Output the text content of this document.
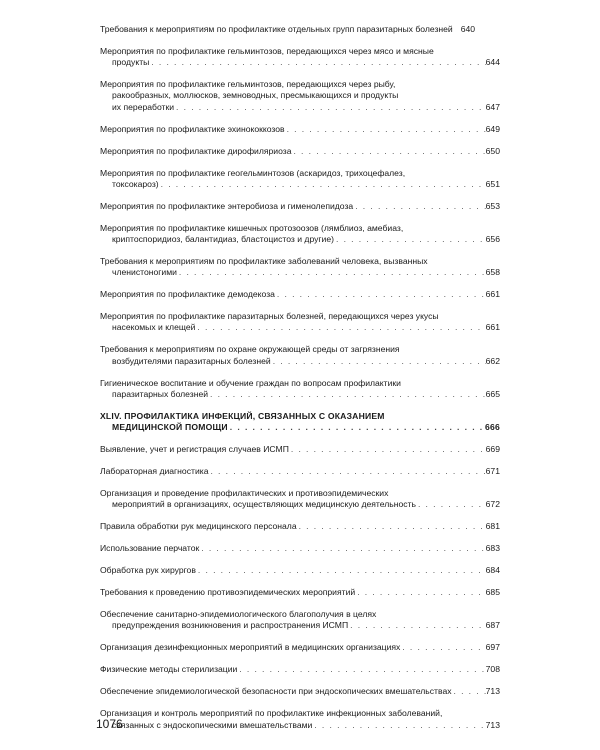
Требования к мероприятиям по профилактике отдельных групп паразитарных болезней 640
Мероприятия по профилактике гельминтозов, передающихся через мясо и мясные
продукты . . .	644
Мероприятия по профилактике гельминтозов, передающихся через рыбу,
ракообразных, моллюсков, земноводных, пресмыкающихся и продукты
их переработки . . .	647
Мероприятия по профилактике эхинококкозов . . .	649
Мероприятия по профилактике дирофиляриоза . . .	650
Мероприятия по профилактике геогельминтозов (аскаридоз, трихоцефалез,
токсокароз) . . .	651
Мероприятия по профилактике энтеробиоза и гименолепидоза . . .	653
Мероприятия по профилактике кишечных протозоозов (лямблиоз, амебиаз,
криптоспоридиоз, балантидиаз, бластоцистоз и другие) . . .	656
Требования к мероприятиям по профилактике заболеваний человека, вызванных
членистоногими . . .	658
Мероприятия по профилактике демодекоза . . .	661
Мероприятия по профилактике паразитарных болезней, передающихся через укусы
насекомых и клещей . . .	661
Требования к мероприятиям по охране окружающей среды от загрязнения
возбудителями паразитарных болезней . . .	662
Гигиеническое воспитание и обучение граждан по вопросам профилактики
паразитарных болезней . . .	665
XLIV. ПРОФИЛАКТИКА ИНФЕКЦИЙ, СВЯЗАННЫХ С ОКАЗАНИЕМ
МЕДИЦИНСКОЙ ПОМОЩИ . . .	666
Выявление, учет и регистрация случаев ИСМП . . .	669
Лабораторная диагностика . . .	671
Организация и проведение профилактических и противоэпидемических
мероприятий в организациях, осуществляющих медицинскую деятельность . . .	672
Правила обработки рук медицинского персонала . . .	681
Использование перчаток . . .	683
Обработка рук хирургов . . .	684
Требования к проведению противоэпидемических мероприятий . . .	685
Обеспечение санитарно-эпидемиологического благополучия в целях
предупреждения возникновения и распространения ИСМП . . .	687
Организация дезинфекционных мероприятий в медицинских организациях . . .	697
Физические методы стерилизации . . .	708
Обеспечение эпидемиологической безопасности при эндоскопических вмешательствах . . .	713
Организация и контроль мероприятий по профилактике инфекционных заболеваний,
связанных с эндоскопическими вмешательствами . . .	713
1076
